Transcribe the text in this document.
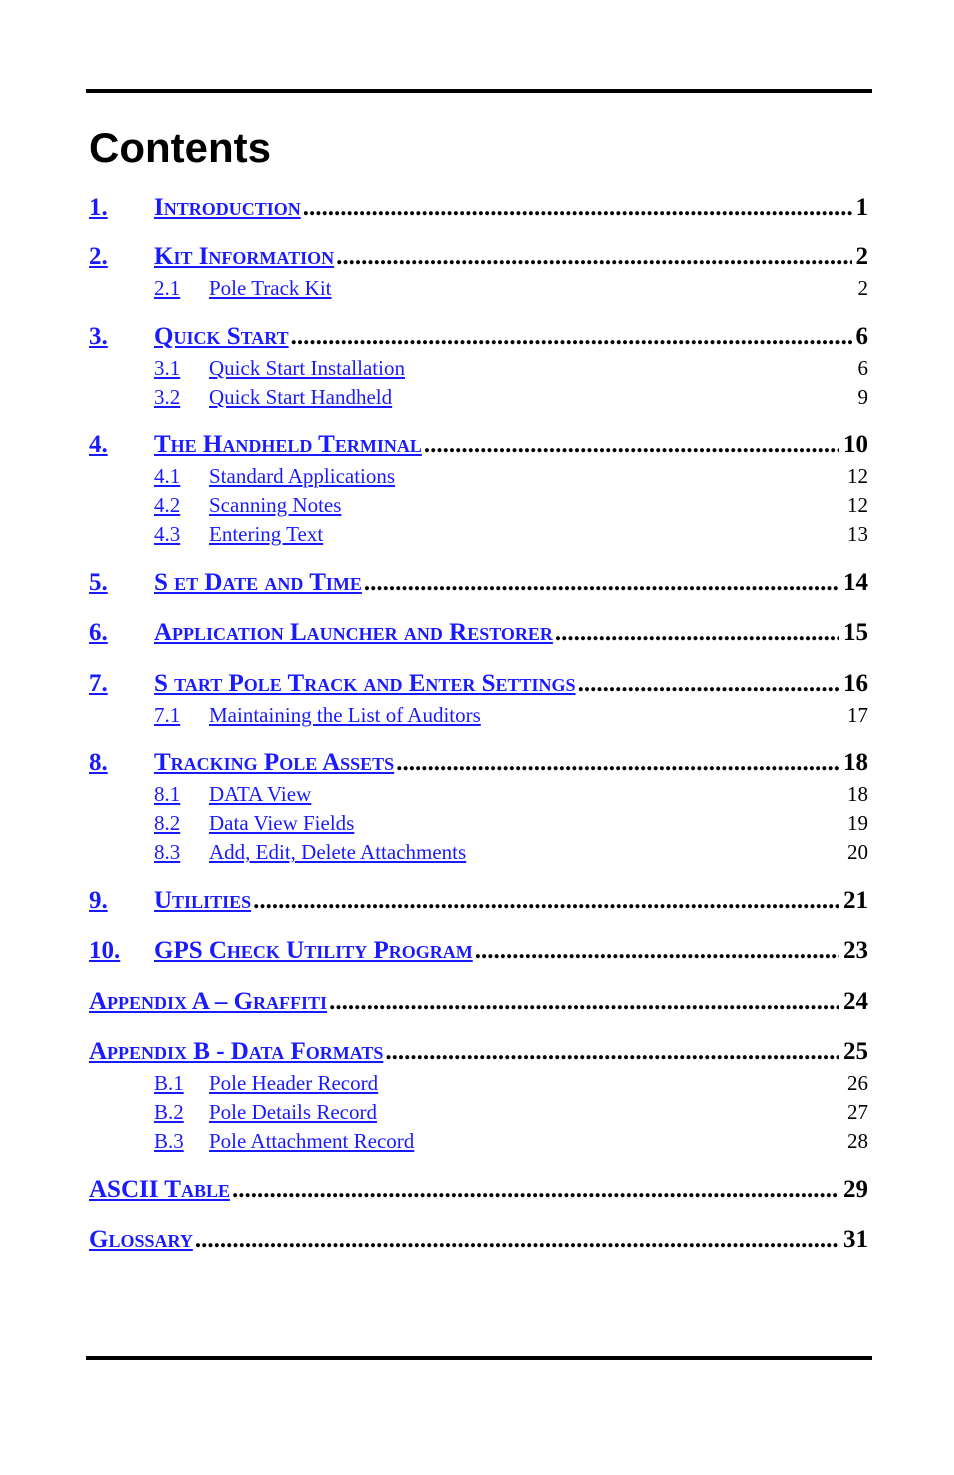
Contents
1. Introduction .....	1
2. Kit Information .....	2
2.1 Pole Track Kit	2
3. Quick Start .....	6
3.1 Quick Start Installation	6
3.2 Quick Start Handheld	9
4. The Handheld Terminal .....	10
4.1 Standard Applications	12
4.2 Scanning Notes	12
4.3 Entering Text	13
5. S et Date and Time .....	14
6. Application Launcher and Restorer .....	15
7. S tart Pole Track and Enter Settings .....	16
7.1 Maintaining the List of Auditors	17
8. Tracking Pole Assets .....	18
8.1 DATA View	18
8.2 Data View Fields	19
8.3 Add, Edit, Delete Attachments	20
9. Utilities .....	21
10. GPS Check Utility Program .....	23
Appendix A – Graffiti .....	24
Appendix B - Data Formats .....	25
B.1 Pole Header Record	26
B.2 Pole Details Record	27
B.3 Pole Attachment Record	28
ASCII Table .....	29
Glossary .....	31
